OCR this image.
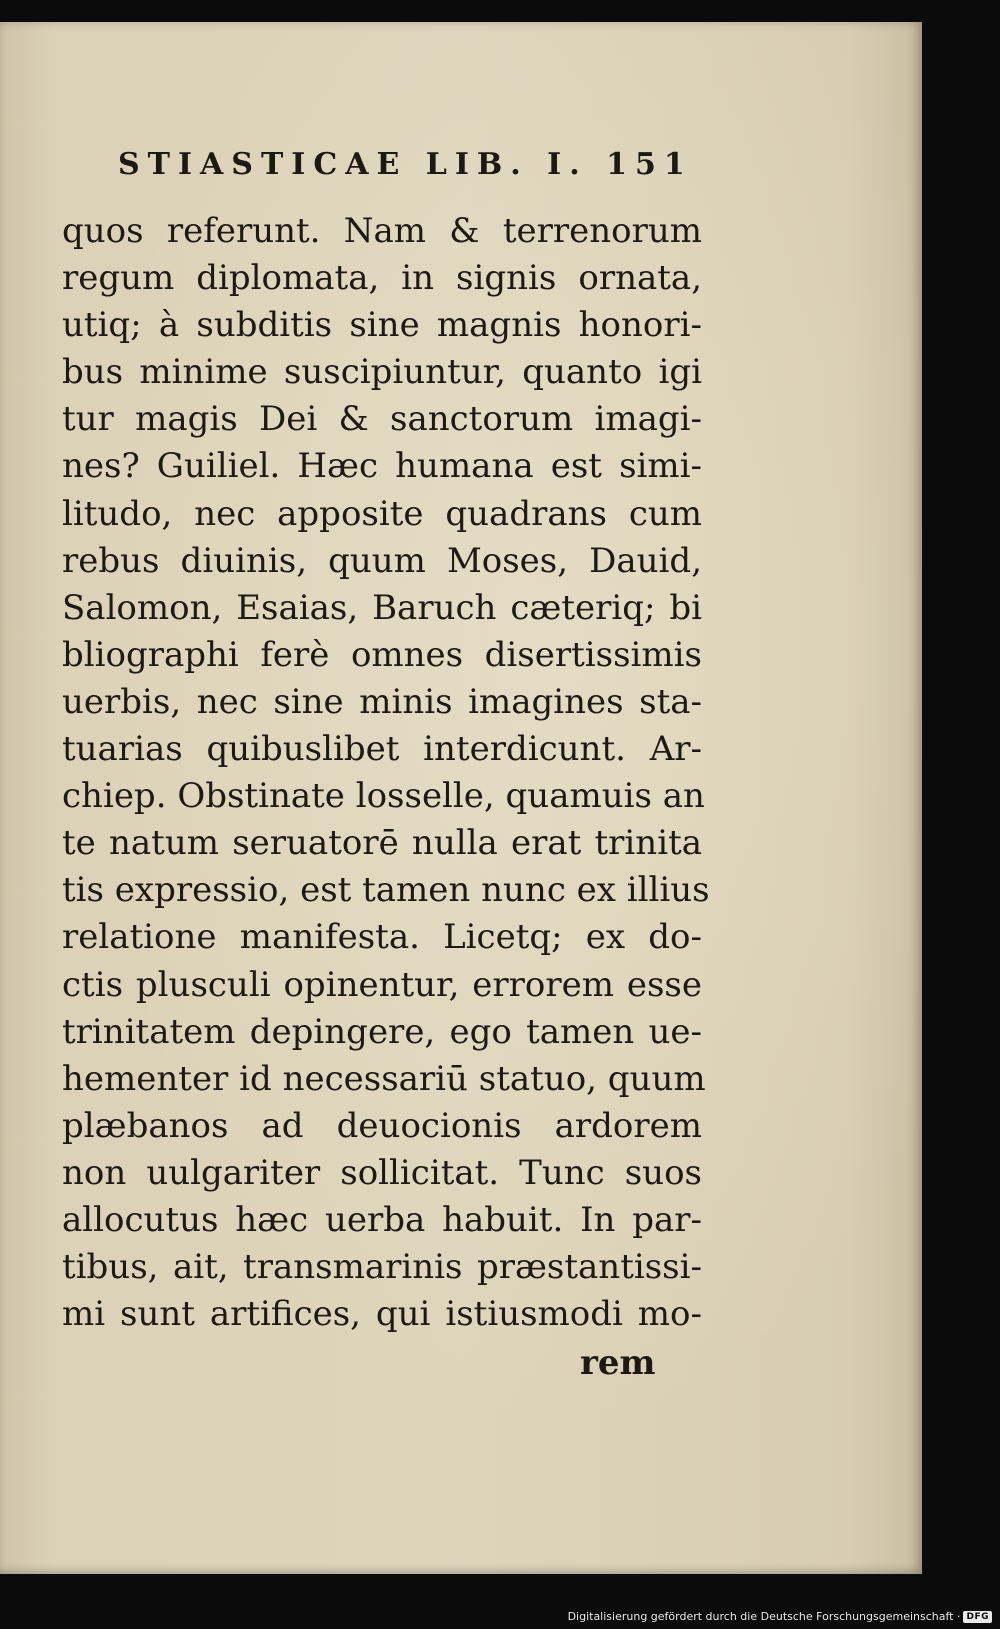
STIASTICAE LIB. I. 151
quos referunt. Nam & terrenorum
regum diplomata, in signis ornata,
utiq; à subditis sine magnis honori-
bus minime suscipiuntur, quanto igi
tur magis Dei & sanctorum imagi-
nes? Guiliel. Hæc humana est simi-
litudo, nec apposite quadrans cum
rebus diuinis, quum Moses, Dauid,
Salomon, Esaias, Baruch cæteriq; bi
bliographi ferè omnes disertissimis
uerbis, nec sine minis imagines sta-
tuarias quibuslibet interdicunt. Ar-
chiep. Obstinate losselle, quamuis an
te natum seruatorē nulla erat trinita
tis expressio, est tamen nunc ex illius
relatione manifesta. Licetq; ex do-
ctis plusculi opinentur, errorem esse
trinitatem depingere, ego tamen ue-
hementer id necessariū statuo, quum
plæbanos ad deuocionis ardorem
non uulgariter sollicitat. Tunc suos
allocutus hæc uerba habuit. In par-
tibus, ait, transmarinis præstantissi-
mi sunt artifices, qui istiusmodi mo-
rem
Digitalisierung gefördert durch die Deutsche Forschungsgemeinschaft · DFG
